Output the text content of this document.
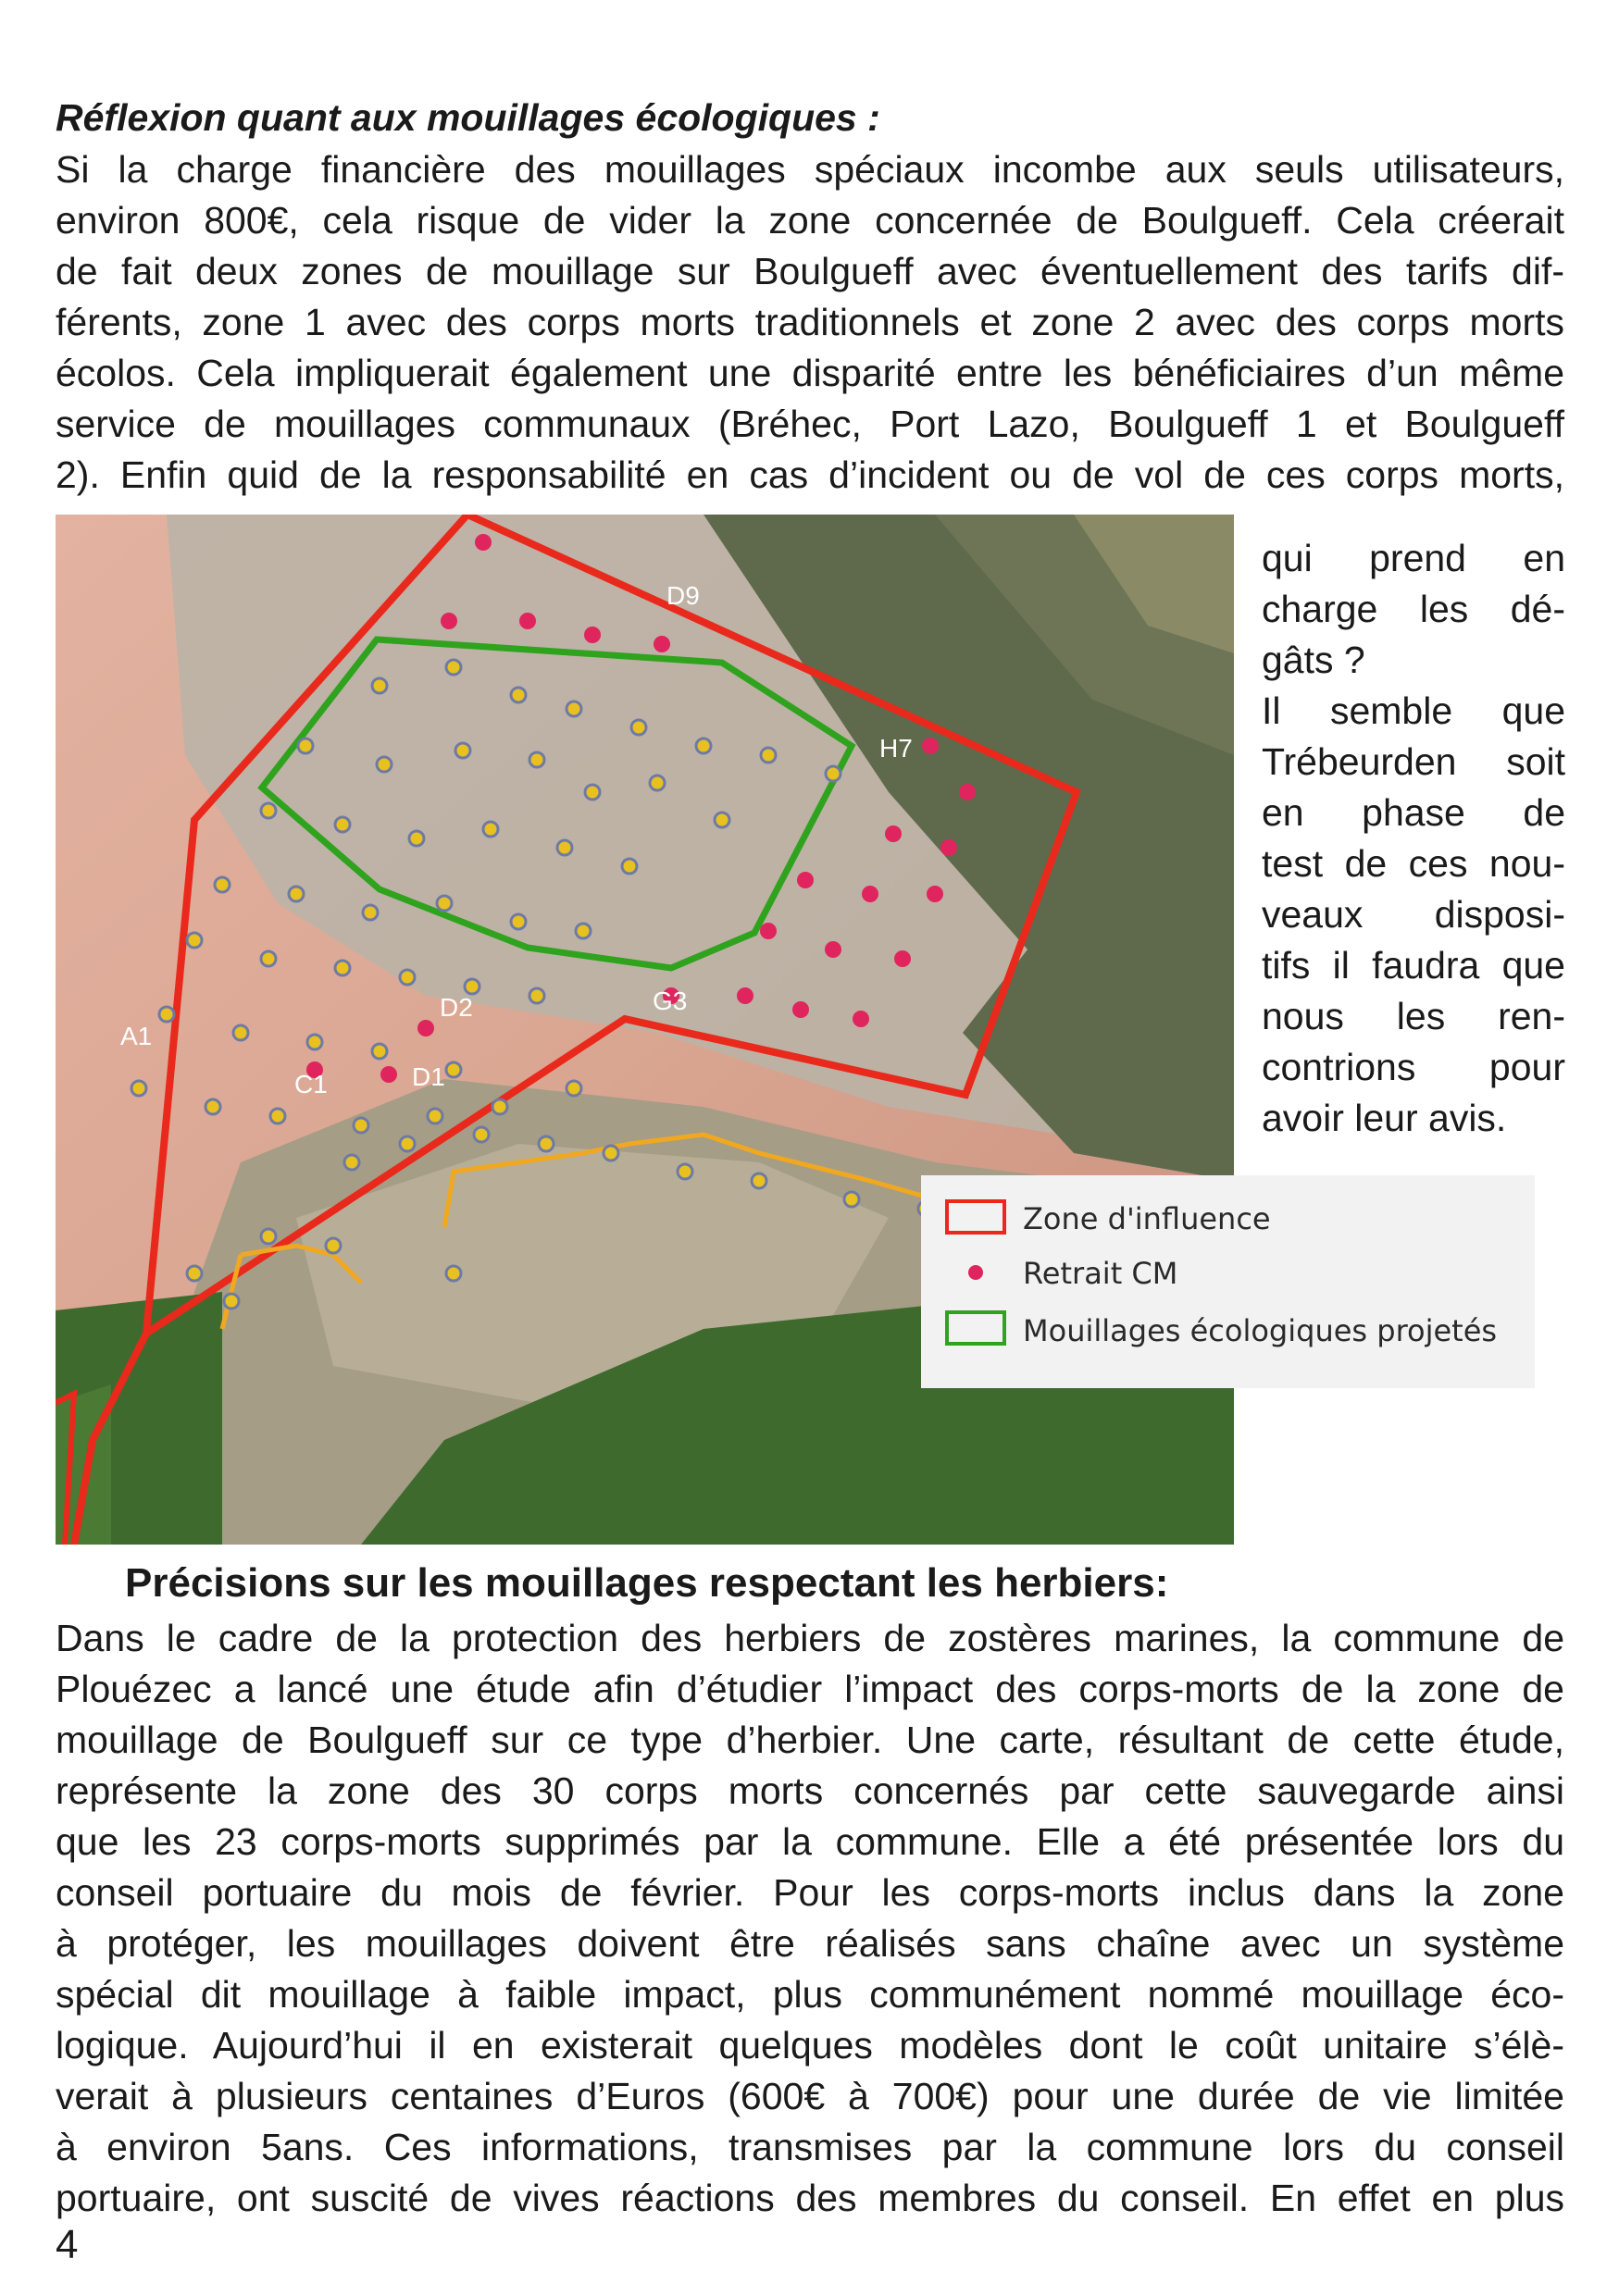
Réflexion quant aux mouillages écologiques :
Si la charge financière des mouillages spéciaux incombe aux seuls utilisateurs,
environ 800€, cela risque de vider la zone concernée de Boulgueff. Cela créerait
de fait deux zones de mouillage sur Boulgueff avec éventuellement des tarifs dif-
férents, zone 1 avec des corps morts traditionnels et zone 2 avec des corps morts
écolos. Cela impliquerait également une disparité entre les bénéficiaires d’un même
service de mouillages communaux (Bréhec, Port Lazo, Boulgueff 1 et Boulgueff
2). Enfin quid de la responsabilité en cas d’incident ou de vol de ces corps morts,
D9
H7
D2	G3
A1
C1	D1
Zone d'influence
Retrait CM
Mouillages écologiques projetés
qui prend en
charge les dé-
gâts ?
Il semble que
Trébeurden soit
en phase de
test de ces nou-
veaux disposi-
tifs il faudra que
nous les ren-
contrions pour
avoir leur avis.
Précisions sur les mouillages respectant les herbiers:
Dans le cadre de la protection des herbiers de zostères marines, la commune de
Plouézec a lancé une étude afin d’étudier l’impact des corps-morts de la zone de
mouillage de Boulgueff sur ce type d’herbier. Une carte, résultant de cette étude,
représente la zone des 30 corps morts concernés par cette sauvegarde ainsi
que les 23 corps-morts supprimés par la commune. Elle a été présentée lors du
conseil portuaire du mois de février. Pour les corps-morts inclus dans la zone
à protéger, les mouillages doivent être réalisés sans chaîne avec un système
spécial dit mouillage à faible impact, plus communément nommé mouillage éco-
logique. Aujourd’hui il en existerait quelques modèles dont le coût unitaire s’élè-
verait à plusieurs centaines d’Euros (600€ à 700€) pour une durée de vie limitée
à environ 5ans. Ces informations, transmises par la commune lors du conseil
portuaire, ont suscité de vives réactions des membres du conseil. En effet en plus
4
